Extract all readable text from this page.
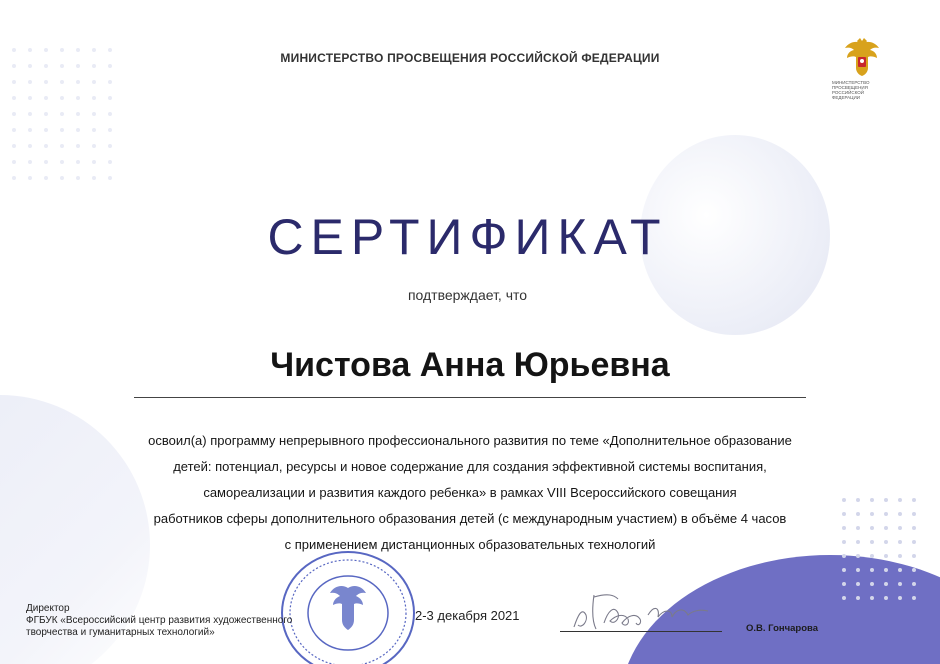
МИНИСТЕРСТВО ПРОСВЕЩЕНИЯ РОССИЙСКОЙ ФЕДЕРАЦИИ
МИНИСТЕРСТВО ПРОСВЕЩЕНИЯ РОССИЙСКОЙ ФЕДЕРАЦИИ
СЕРТИФИКАТ
подтверждает, что
Чистова Анна Юрьевна
освоил(а) программу непрерывного профессионального развития по теме «Дополнительное образование
детей: потенциал, ресурсы и новое содержание для создания эффективной системы воспитания,
самореализации и развития каждого ребенка» в рамках VIII Всероссийского совещания
работников сферы дополнительного образования детей (с международным участием) в объёме 4 часов
с применением дистанционных образовательных технологий
Директор
ФГБУК «Всероссийский центр развития художественного
творчества и гуманитарных технологий»
2-3 декабря 2021
О.В. Гончарова
